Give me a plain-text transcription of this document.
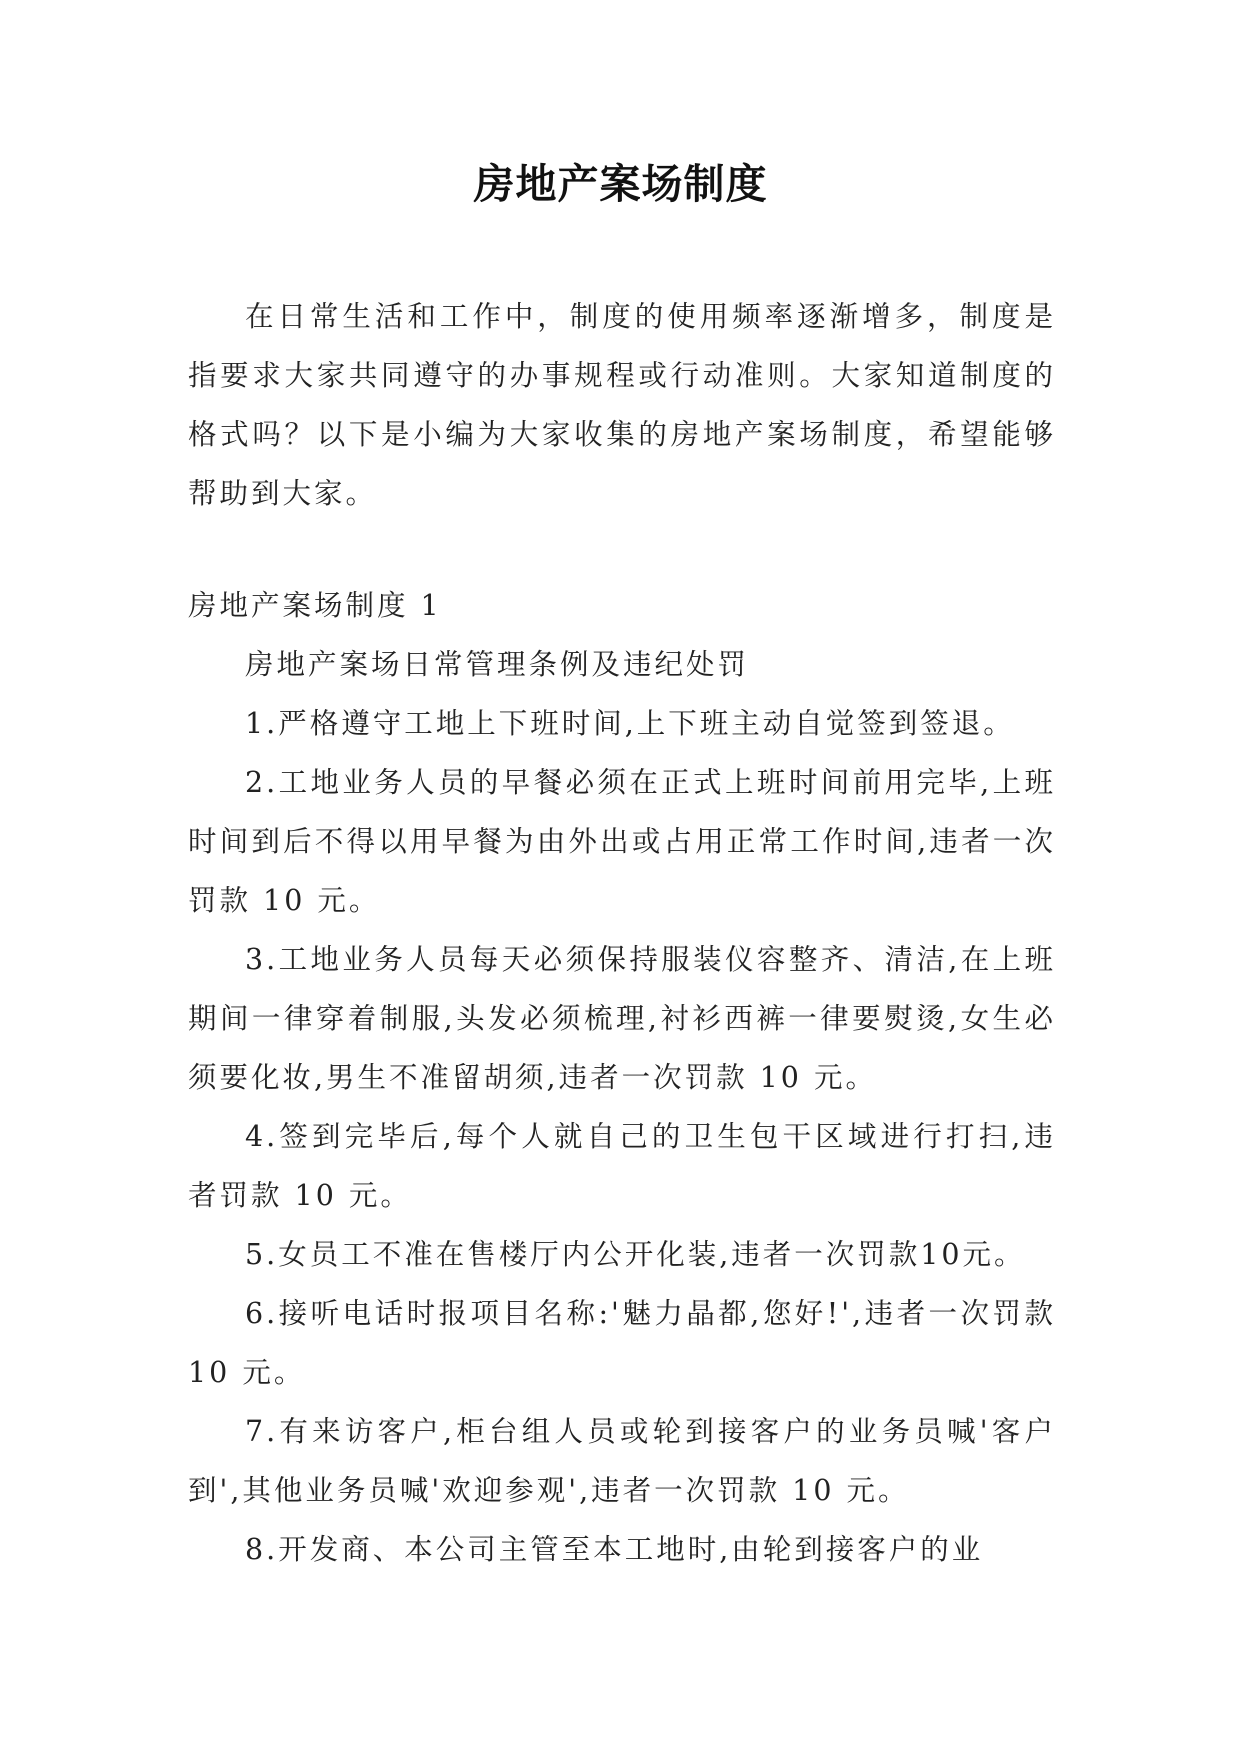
房地产案场制度

在日常生活和工作中，制度的使用频率逐渐增多，制度是指要求大家共同遵守的办事规程或行动准则。大家知道制度的格式吗？以下是小编为大家收集的房地产案场制度，希望能够帮助到大家。

房地产案场制度 1

房地产案场日常管理条例及违纪处罚

1.严格遵守工地上下班时间,上下班主动自觉签到签退。

2.工地业务人员的早餐必须在正式上班时间前用完毕,上班时间到后不得以用早餐为由外出或占用正常工作时间,违者一次罚款 10 元。

3.工地业务人员每天必须保持服装仪容整齐、清洁,在上班期间一律穿着制服,头发必须梳理,衬衫西裤一律要熨烫,女生必须要化妆,男生不准留胡须,违者一次罚款 10 元。

4.签到完毕后,每个人就自己的卫生包干区域进行打扫,违者罚款 10 元。

5.女员工不准在售楼厅内公开化装,违者一次罚款10元。

6.接听电话时报项目名称:'魅力晶都,您好!',违者一次罚款 10 元。

7.有来访客户,柜台组人员或轮到接客户的业务员喊'客户到',其他业务员喊'欢迎参观',违者一次罚款 10 元。

8.开发商、本公司主管至本工地时,由轮到接客户的业
